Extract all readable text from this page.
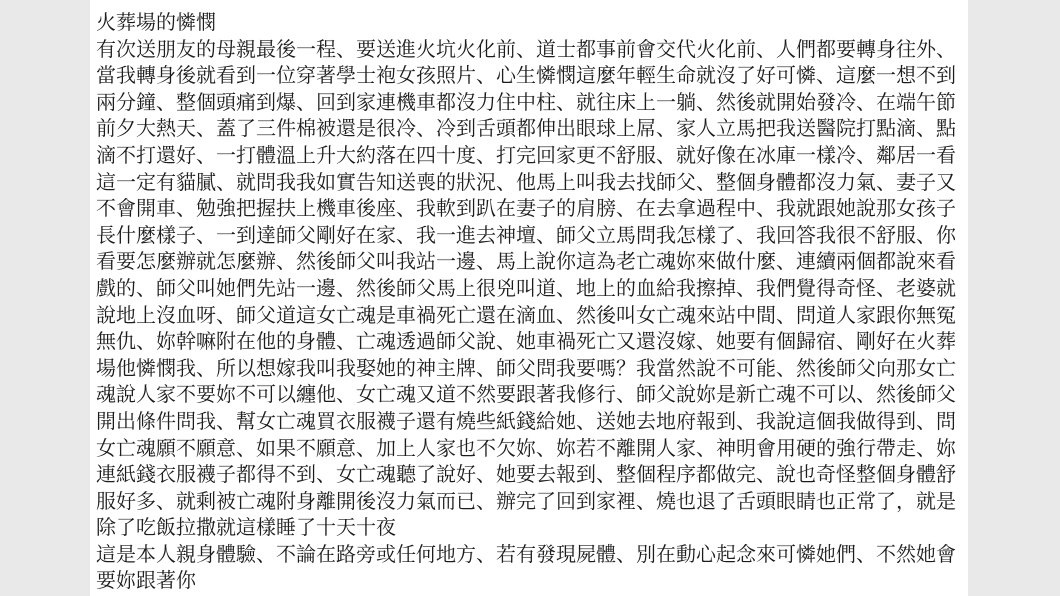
火葬場的憐憫
有次送朋友的母親最後一程、要送進火坑火化前、道士都事前會交代火化前、人們都要轉身往外、
當我轉身後就看到一位穿著學士袍女孩照片、心生憐憫這麼年輕生命就沒了好可憐、這麼一想不到
兩分鐘、整個頭痛到爆、回到家連機車都沒力住中柱、就往床上一躺、然後就開始發冷、在端午節
前夕大熱天、蓋了三件棉被還是很冷、冷到舌頭都伸出眼球上屌、家人立馬把我送醫院打點滴、點
滴不打還好、一打體溫上升大約落在四十度、打完回家更不舒服、就好像在冰庫一樣冷、鄰居一看
這一定有貓膩、就問我我如實告知送喪的狀況、他馬上叫我去找師父、整個身體都沒力氣、妻子又
不會開車、勉強把握扶上機車後座、我軟到趴在妻子的肩膀、在去拿過程中、我就跟她說那女孩子
長什麼樣子、一到達師父剛好在家、我一進去神壇、師父立馬問我怎樣了、我回答我很不舒服、你
看要怎麼辦就怎麼辦、然後師父叫我站一邊、馬上說你這為老亡魂妳來做什麼、連續兩個都說來看
戲的、師父叫她們先站一邊、然後師父馬上很兇叫道、地上的血給我擦掉、我們覺得奇怪、老婆就
說地上沒血呀、師父道這女亡魂是車禍死亡還在滴血、然後叫女亡魂來站中間、問道人家跟你無冤
無仇、妳幹嘛附在他的身體、亡魂透過師父說、她車禍死亡又還沒嫁、她要有個歸宿、剛好在火葬
場他憐憫我、所以想嫁我叫我娶她的神主牌、師父問我要嗎？我當然說不可能、然後師父向那女亡
魂說人家不要妳不可以纏他、女亡魂又道不然要跟著我修行、師父說妳是新亡魂不可以、然後師父
開出條件問我、幫女亡魂買衣服襪子還有燒些紙錢給她、送她去地府報到、我說這個我做得到、問
女亡魂願不願意、如果不願意、加上人家也不欠妳、妳若不離開人家、神明會用硬的強行帶走、妳
連紙錢衣服襪子都得不到、女亡魂聽了說好、她要去報到、整個程序都做完、說也奇怪整個身體舒
服好多、就剩被亡魂附身離開後沒力氣而已、辦完了回到家裡、燒也退了舌頭眼睛也正常了，就是
除了吃飯拉撒就這樣睡了十天十夜
這是本人親身體驗、不論在路旁或任何地方、若有發現屍體、別在動心起念來可憐她們、不然她會
要妳跟著你
